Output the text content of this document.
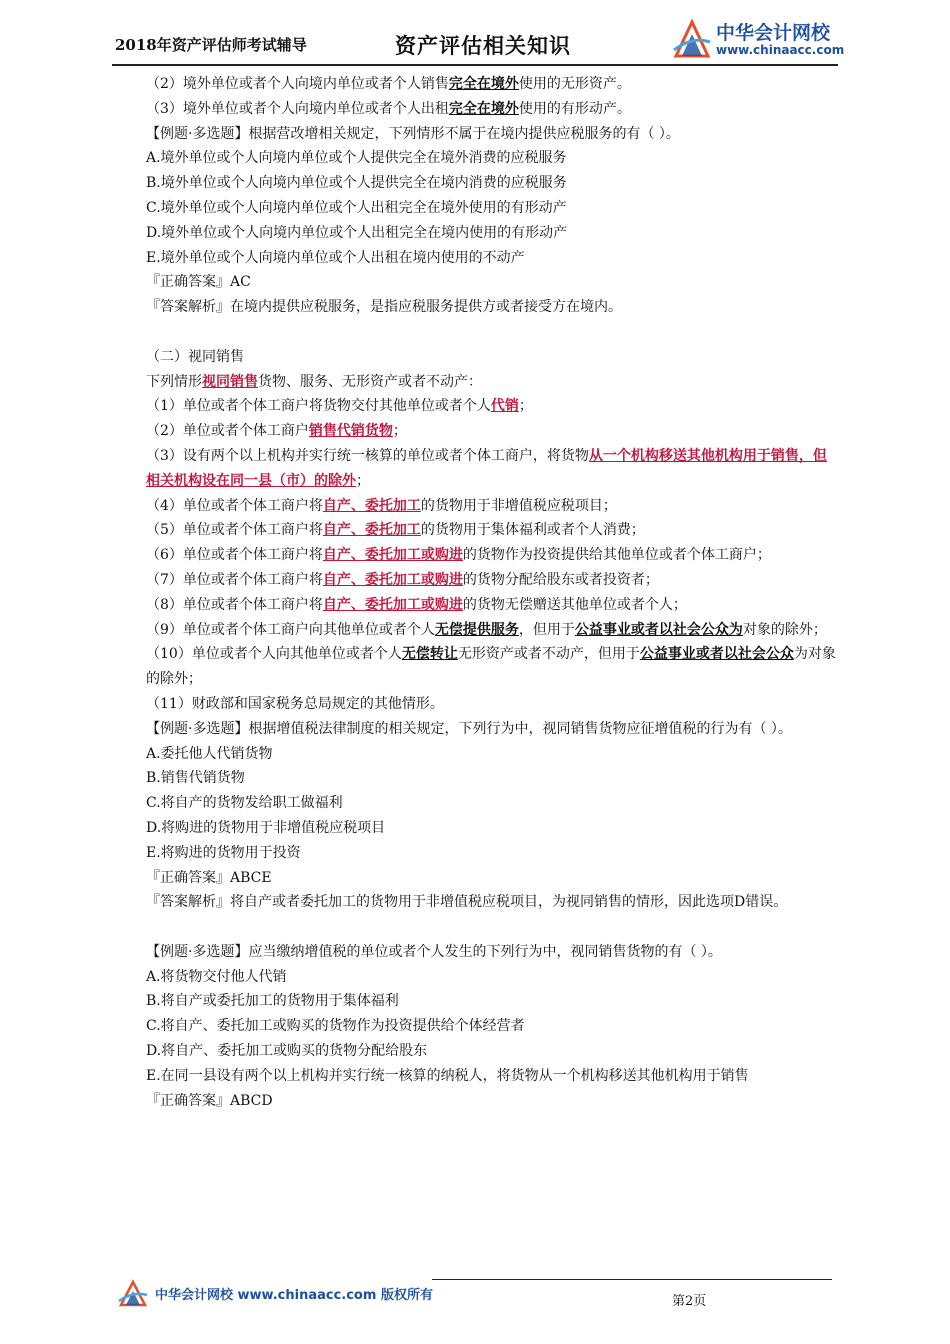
2018年资产评估师考试辅导	资产评估相关知识	中华会计网校
www.chinaacc.com
（2）境外单位或者个人向境内单位或者个人销售完全在境外使用的无形资产。
（3）境外单位或者个人向境内单位或者个人出租完全在境外使用的有形动产。
【例题·多选题】根据营改增相关规定，下列情形不属于在境内提供应税服务的有（ ）。
A.境外单位或个人向境内单位或个人提供完全在境外消费的应税服务
B.境外单位或个人向境内单位或个人提供完全在境内消费的应税服务
C.境外单位或个人向境内单位或个人出租完全在境外使用的有形动产
D.境外单位或个人向境内单位或个人出租完全在境内使用的有形动产
E.境外单位或个人向境内单位或个人出租在境内使用的不动产
『正确答案』AC
『答案解析』在境内提供应税服务，是指应税服务提供方或者接受方在境内。
（二）视同销售
下列情形视同销售货物、服务、无形资产或者不动产：
（1）单位或者个体工商户将货物交付其他单位或者个人代销；
（2）单位或者个体工商户销售代销货物；
（3）设有两个以上机构并实行统一核算的单位或者个体工商户，将货物从一个机构移送其他机构用于销售，但相关机构设在同一县（市）的除外；
（4）单位或者个体工商户将自产、委托加工的货物用于非增值税应税项目；
（5）单位或者个体工商户将自产、委托加工的货物用于集体福利或者个人消费；
（6）单位或者个体工商户将自产、委托加工或购进的货物作为投资提供给其他单位或者个体工商户；
（7）单位或者个体工商户将自产、委托加工或购进的货物分配给股东或者投资者；
（8）单位或者个体工商户将自产、委托加工或购进的货物无偿赠送其他单位或者个人；
（9）单位或者个体工商户向其他单位或者个人无偿提供服务，但用于公益事业或者以社会公众为对象的除外；
（10）单位或者个人向其他单位或者个人无偿转让无形资产或者不动产，但用于公益事业或者以社会公众为对象的除外；
（11）财政部和国家税务总局规定的其他情形。
【例题·多选题】根据增值税法律制度的相关规定，下列行为中，视同销售货物应征增值税的行为有（ ）。
A.委托他人代销货物
B.销售代销货物
C.将自产的货物发给职工做福利
D.将购进的货物用于非增值税应税项目
E.将购进的货物用于投资
『正确答案』ABCE
『答案解析』将自产或者委托加工的货物用于非增值税应税项目，为视同销售的情形，因此选项D错误。
【例题·多选题】应当缴纳增值税的单位或者个人发生的下列行为中，视同销售货物的有（ ）。
A.将货物交付他人代销
B.将自产或委托加工的货物用于集体福利
C.将自产、委托加工或购买的货物作为投资提供给个体经营者
D.将自产、委托加工或购买的货物分配给股东
E.在同一县设有两个以上机构并实行统一核算的纳税人，将货物从一个机构移送其他机构用于销售
『正确答案』ABCD
中华会计网校 www.chinaacc.com 版权所有	第2页
